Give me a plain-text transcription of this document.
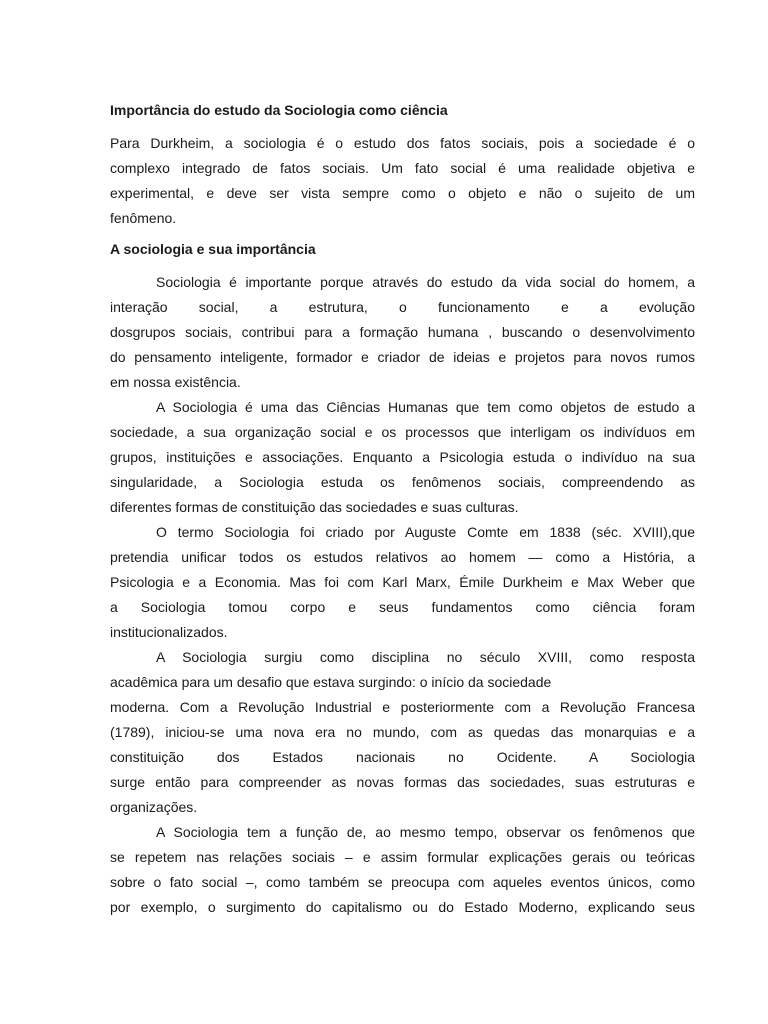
Importância do estudo da Sociologia como ciência

Para Durkheim, a sociologia é o estudo dos fatos sociais, pois a sociedade é o
complexo integrado de fatos sociais. Um fato social é uma realidade objetiva e
experimental, e deve ser vista sempre como o objeto e não o sujeito de um
fenômeno.

A sociologia e sua importância

Sociologia é importante porque através do estudo da vida social do homem, a
interação social, a estrutura, o funcionamento e a evolução
dosgrupos sociais, contribui para a formação humana , buscando o desenvolvimento
do pensamento inteligente, formador e criador de ideias e projetos para novos rumos
em nossa existência.
A Sociologia é uma das Ciências Humanas que tem como objetos de estudo a
sociedade, a sua organização social e os processos que interligam os indivíduos em
grupos, instituições e associações. Enquanto a Psicologia estuda o indivíduo na sua
singularidade, a Sociologia estuda os fenômenos sociais, compreendendo as
diferentes formas de constituição das sociedades e suas culturas.
O termo Sociologia foi criado por Auguste Comte em 1838 (séc. XVIII),que
pretendia unificar todos os estudos relativos ao homem — como a História, a
Psicologia e a Economia. Mas foi com Karl Marx, Émile Durkheim e Max Weber que
a Sociologia tomou corpo e seus fundamentos como ciência foram
institucionalizados.
A Sociologia surgiu como disciplina no século XVIII, como resposta
acadêmica para um desafio que estava surgindo: o início da sociedade
moderna. Com a Revolução Industrial e posteriormente com a Revolução Francesa
(1789), iniciou-se uma nova era no mundo, com as quedas das monarquias e a
constituição dos Estados nacionais no Ocidente. A Sociologia
surge então para compreender as novas formas das sociedades, suas estruturas e
organizações.
A Sociologia tem a função de, ao mesmo tempo, observar os fenômenos que
se repetem nas relações sociais – e assim formular explicações gerais ou teóricas
sobre o fato social –, como também se preocupa com aqueles eventos únicos, como
por exemplo, o surgimento do capitalismo ou do Estado Moderno, explicando seus
